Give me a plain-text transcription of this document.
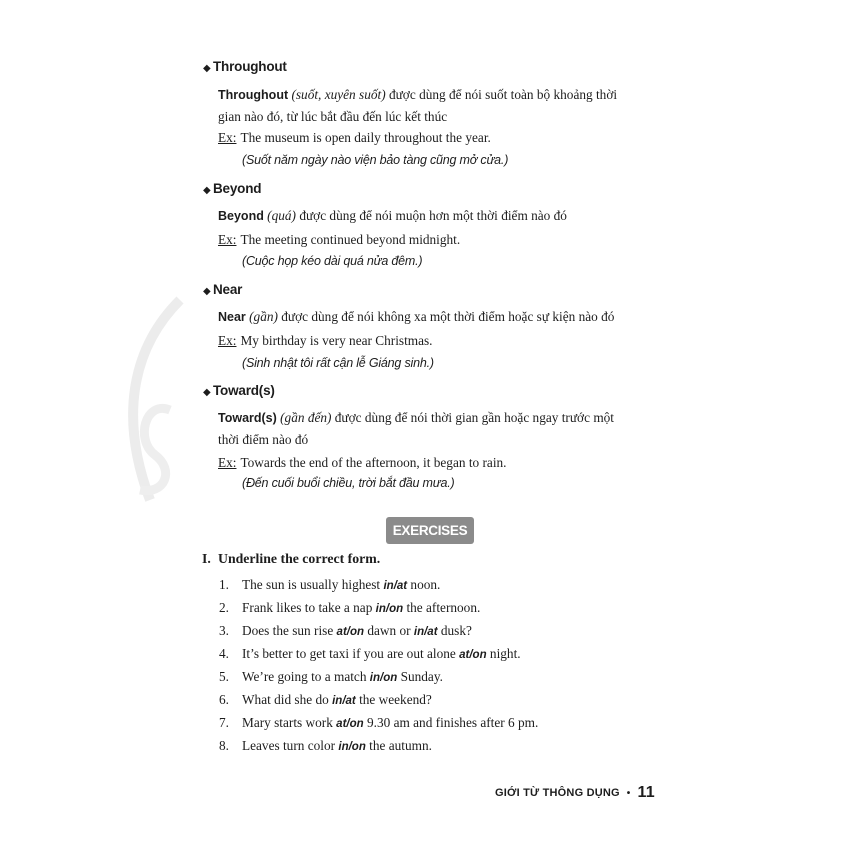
◆ Throughout
Throughout (suốt, xuyên suốt) được dùng để nói suốt toàn bộ khoảng thời
gian nào đó, từ lúc bắt đầu đến lúc kết thúc
Ex: The museum is open daily throughout the year.
(Suốt năm ngày nào viện bảo tàng cũng mở cửa.)
◆ Beyond
Beyond (quá) được dùng để nói muộn hơn một thời điểm nào đó
Ex: The meeting continued beyond midnight.
(Cuộc họp kéo dài quá nửa đêm.)
◆ Near
Near (gần) được dùng để nói không xa một thời điểm hoặc sự kiện nào đó
Ex: My birthday is very near Christmas.
(Sinh nhật tôi rất cận lễ Giáng sinh.)
◆ Toward(s)
Toward(s) (gần đến) được dùng để nói thời gian gần hoặc ngay trước một
thời điểm nào đó
Ex: Towards the end of the afternoon, it began to rain.
(Đến cuối buổi chiều, trời bắt đầu mưa.)
EXERCISES
I. Underline the correct form.
1. The sun is usually highest in/at noon.
2. Frank likes to take a nap in/on the afternoon.
3. Does the sun rise at/on dawn or in/at dusk?
4. It’s better to get taxi if you are out alone at/on night.
5. We’re going to a match in/on Sunday.
6. What did she do in/at the weekend?
7. Mary starts work at/on 9.30 am and finishes after 6 pm.
8. Leaves turn color in/on the autumn.
GIỚI TỪ THÔNG DỤNG • 11
